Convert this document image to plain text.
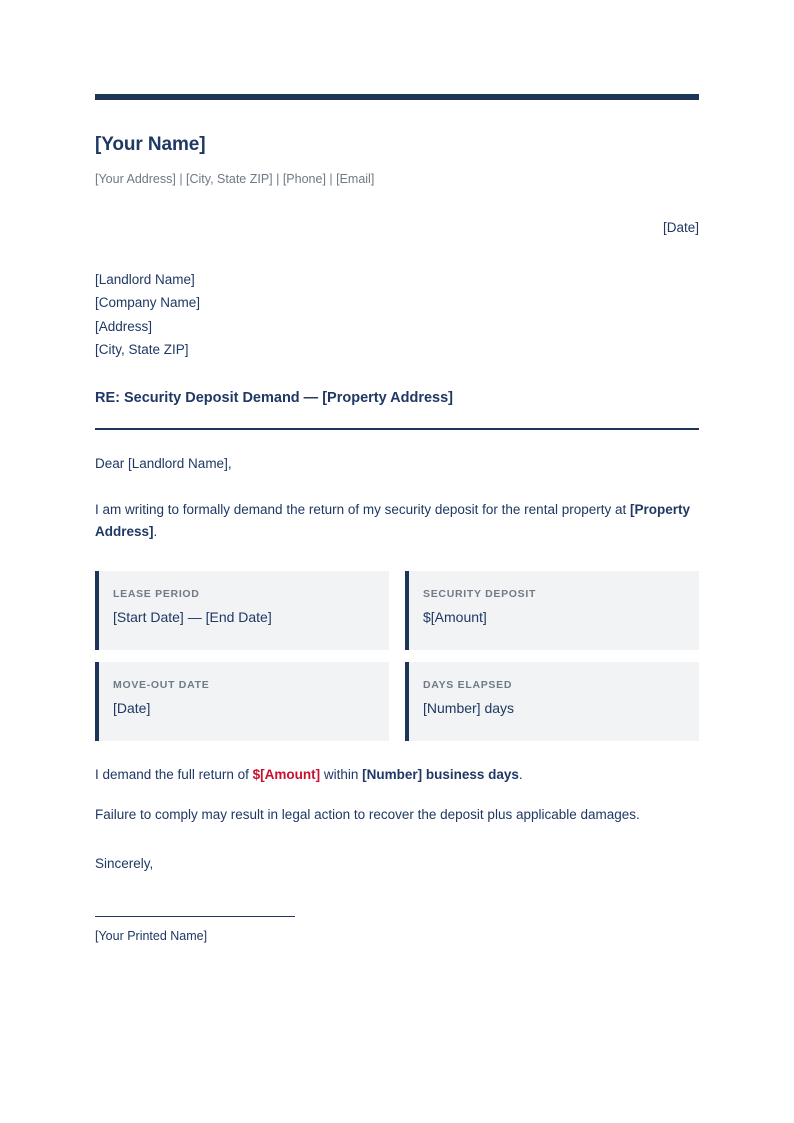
[Your Name]
[Your Address] | [City, State ZIP] | [Phone] | [Email]
[Date]
[Landlord Name]
[Company Name]
[Address]
[City, State ZIP]
RE: Security Deposit Demand — [Property Address]

Dear [Landlord Name],

I am writing to formally demand the return of my security deposit for the rental property at [Property Address].

LEASE PERIOD
[Start Date] — [End Date]
SECURITY DEPOSIT
$[Amount]
MOVE-OUT DATE
[Date]
DAYS ELAPSED
[Number] days

I demand the full return of $[Amount] within [Number] business days.

Failure to comply may result in legal action to recover the deposit plus applicable damages.

Sincerely,
[Your Printed Name]
